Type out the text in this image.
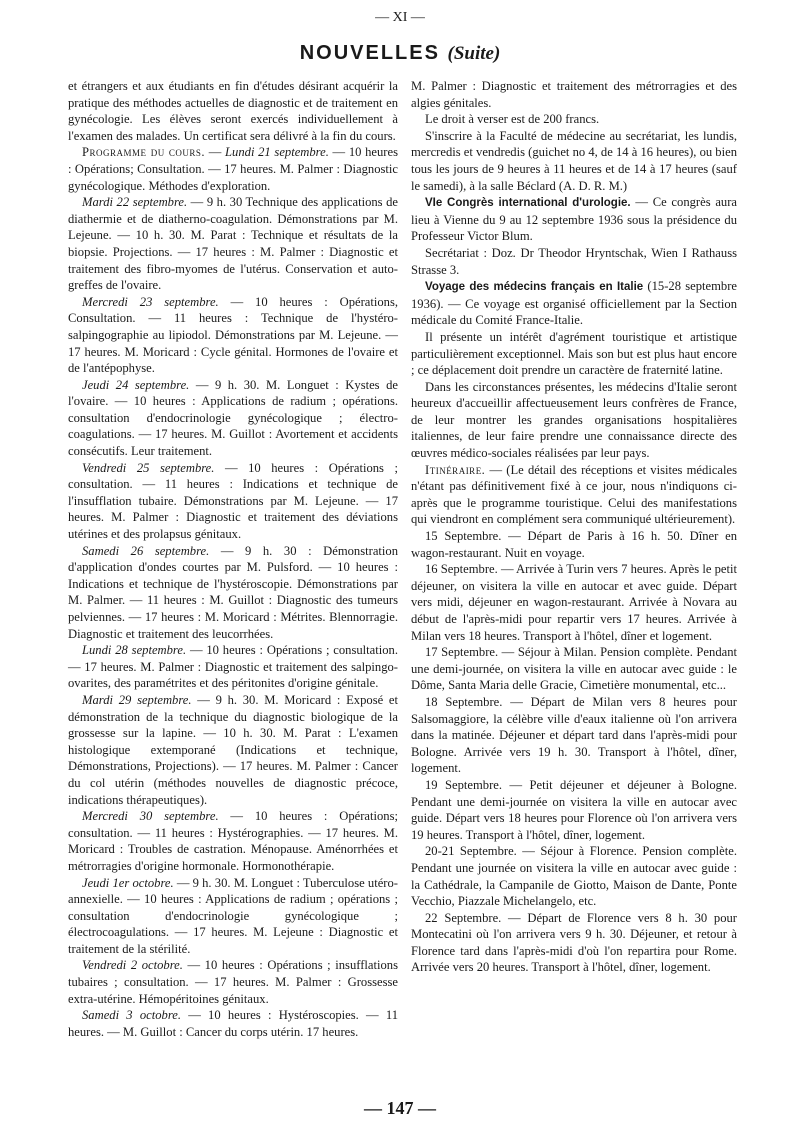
— XI —
NOUVELLES (Suite)

et étrangers et aux étudiants en fin d'études désirant acquérir la pratique des méthodes actuelles de diagnostic et de traitement en gynécologie. Les élèves seront exercés individuellement à l'examen des malades. Un certificat sera délivré à la fin du cours.

Programme du cours. — Lundi 21 septembre. — 10 heures : Opérations; Consultation. — 17 heures. M. Palmer : Diagnostic gynécologique. Méthodes d'exploration.

Mardi 22 septembre. — 9 h. 30 Technique des applications de diathermie et de diatherno-coagulation. Démonstrations par M. Lejeune. — 10 h. 30. M. Parat : Technique et résultats de la biopsie. Projections. — 17 heures : M. Palmer : Diagnostic et traitement des fibro-myomes de l'utérus. Conservation et auto-greffes de l'ovaire.

Mercredi 23 septembre. — 10 heures : Opérations, Consultation. — 11 heures : Technique de l'hystéro-salpingographie au lipiodol. Démonstrations par M. Lejeune. — 17 heures. M. Moricard : Cycle génital. Hormones de l'ovaire et de l'antépophyse.

Jeudi 24 septembre. — 9 h. 30. M. Longuet : Kystes de l'ovaire. — 10 heures : Applications de radium ; opérations. consultation d'endocrinologie gynécologique ; électro-coagulations. — 17 heures. M. Guillot : Avortement et accidents consécutifs. Leur traitement.

Vendredi 25 septembre. — 10 heures : Opérations ; consultation. — 11 heures : Indications et technique de l'insufflation tubaire. Démonstrations par M. Lejeune. — 17 heures. M. Palmer : Diagnostic et traitement des déviations utérines et des prolapsus génitaux.

Samedi 26 septembre. — 9 h. 30 : Démonstration d'application d'ondes courtes par M. Pulsford. — 10 heures : Indications et technique de l'hystéroscopie. Démonstrations par M. Palmer. — 11 heures : M. Guillot : Diagnostic des tumeurs pelviennes. — 17 heures : M. Moricard : Métrites. Blennorragie. Diagnostic et traitement des leucorrhées.

Lundi 28 septembre. — 10 heures : Opérations ; consultation. — 17 heures. M. Palmer : Diagnostic et traitement des salpingo-ovarites, des paramétrites et des péritonites d'origine génitale.

Mardi 29 septembre. — 9 h. 30. M. Moricard : Exposé et démonstration de la technique du diagnostic biologique de la grossesse sur la lapine. — 10 h. 30. M. Parat : L'examen histologique extemporané (Indications et technique, Démonstrations, Projections). — 17 heures. M. Palmer : Cancer du col utérin (méthodes nouvelles de diagnostic précoce, indications thérapeutiques).

Mercredi 30 septembre. — 10 heures : Opérations; consultation. — 11 heures : Hystérographies. — 17 heures. M. Moricard : Troubles de castration. Ménopause. Aménorrhées et métrorragies d'origine hormonale. Hormonothérapie.

Jeudi 1er octobre. — 9 h. 30. M. Longuet : Tuberculose utéro-annexielle. — 10 heures : Applications de radium ; opérations ; consultation d'endocrinologie gynécologique ; électrocoagulations. — 17 heures. M. Lejeune : Diagnostic et traitement de la stérilité.

Vendredi 2 octobre. — 10 heures : Opérations ; insufflations tubaires ; consultation. — 17 heures. M. Palmer : Grossesse extra-utérine. Hémopéritoines génitaux.

Samedi 3 octobre. — 10 heures : Hystéroscopies. — 11 heures. — M. Guillot : Cancer du corps utérin. 17 heures.

M. Palmer : Diagnostic et traitement des métrorragies et des algies génitales.

Le droit à verser est de 200 francs.

S'inscrire à la Faculté de médecine au secrétariat, les lundis, mercredis et vendredis (guichet no 4, de 14 à 16 heures), ou bien tous les jours de 9 heures à 11 heures et de 14 à 17 heures (sauf le samedi), à la salle Béclard (A. D. R. M.)

VIe Congrès international d'urologie. — Ce congrès aura lieu à Vienne du 9 au 12 septembre 1936 sous la présidence du Professeur Victor Blum.

Secrétariat : Doz. Dr Theodor Hryntschak, Wien I Rathauss Strasse 3.

Voyage des médecins français en Italie (15-28 septembre 1936). — Ce voyage est organisé officiellement par la Section médicale du Comité France-Italie.

Il présente un intérêt d'agrément touristique et artistique particulièrement exceptionnel. Mais son but est plus haut encore ; ce déplacement doit prendre un caractère de fraternité latine.

Dans les circonstances présentes, les médecins d'Italie seront heureux d'accueillir affectueusement leurs confrères de France, de leur montrer les grandes organisations hospitalières italiennes, de leur faire prendre une connaissance directe des œuvres médico-sociales réalisées par leur pays.

Itinéraire. — (Le détail des réceptions et visites médicales n'étant pas définitivement fixé à ce jour, nous n'indiquons ci-après que le programme touristique. Celui des manifestations qui viendront en complément sera communiqué ultérieurement).

15 Septembre. — Départ de Paris à 16 h. 50. Dîner en wagon-restaurant. Nuit en voyage.

16 Septembre. — Arrivée à Turin vers 7 heures. Après le petit déjeuner, on visitera la ville en autocar et avec guide. Départ vers midi, déjeuner en wagon-restaurant. Arrivée à Novara au début de l'après-midi pour repartir vers 17 heures. Arrivée à Milan vers 18 heures. Transport à l'hôtel, dîner et logement.

17 Septembre. — Séjour à Milan. Pension complète. Pendant une demi-journée, on visitera la ville en autocar avec guide : le Dôme, Santa Maria delle Gracie, Cimetière monumental, etc...

18 Septembre. — Départ de Milan vers 8 heures pour Salsomaggiore, la célèbre ville d'eaux italienne où l'on arrivera dans la matinée. Déjeuner et départ tard dans l'après-midi pour Bologne. Arrivée vers 19 h. 30. Transport à l'hôtel, dîner, logement.

19 Septembre. — Petit déjeuner et déjeuner à Bologne. Pendant une demi-journée on visitera la ville en autocar avec guide. Départ vers 18 heures pour Florence où l'on arrivera vers 19 heures. Transport à l'hôtel, dîner, logement.

20-21 Septembre. — Séjour à Florence. Pension complète. Pendant une journée on visitera la ville en autocar avec guide : la Cathédrale, la Campanile de Giotto, Maison de Dante, Ponte Vecchio, Piazzale Michelangelo, etc.

22 Septembre. — Départ de Florence vers 8 h. 30 pour Montecatini où l'on arrivera vers 9 h. 30. Déjeuner, et retour à Florence tard dans l'après-midi d'où l'on repartira pour Rome. Arrivée vers 20 heures. Transport à l'hôtel, dîner, logement.

— 147 —
